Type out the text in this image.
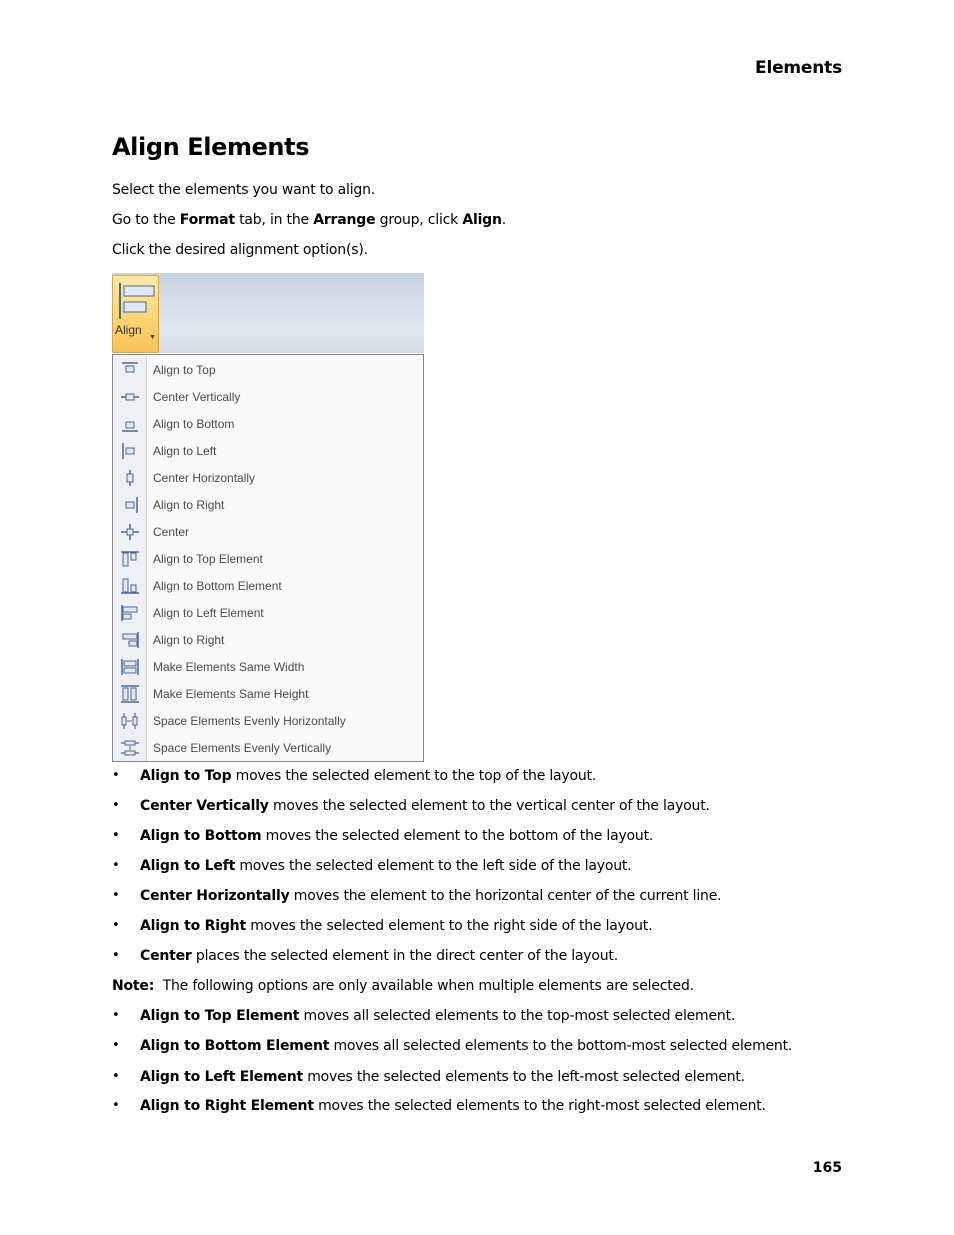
Elements
Align Elements

Select the elements you want to align.

Go to the Format tab, in the Arrange group, click Align.

Click the desired alignment option(s).

Align
▼
Align to Top
Center Vertically
Align to Bottom
Align to Left
Center Horizontally
Align to Right
Center
Align to Top Element
Align to Bottom Element
Align to Left Element
Align to Right
Make Elements Same Width
Make Elements Same Height
Space Elements Evenly Horizontally
Space Elements Evenly Vertically
• Align to Top moves the selected element to the top of the layout.
• Center Vertically moves the selected element to the vertical center of the layout.
• Align to Bottom moves the selected element to the bottom of the layout.
• Align to Left moves the selected element to the left side of the layout.
• Center Horizontally moves the element to the horizontal center of the current line.
• Align to Right moves the selected element to the right side of the layout.
• Center places the selected element in the direct center of the layout.

Note:  The following options are only available when multiple elements are selected.

• Align to Top Element moves all selected elements to the top-most selected element.
• Align to Bottom Element moves all selected elements to the bottom-most selected element.
• Align to Left Element moves the selected elements to the left-most selected element.
• Align to Right Element moves the selected elements to the right-most selected element.
165
